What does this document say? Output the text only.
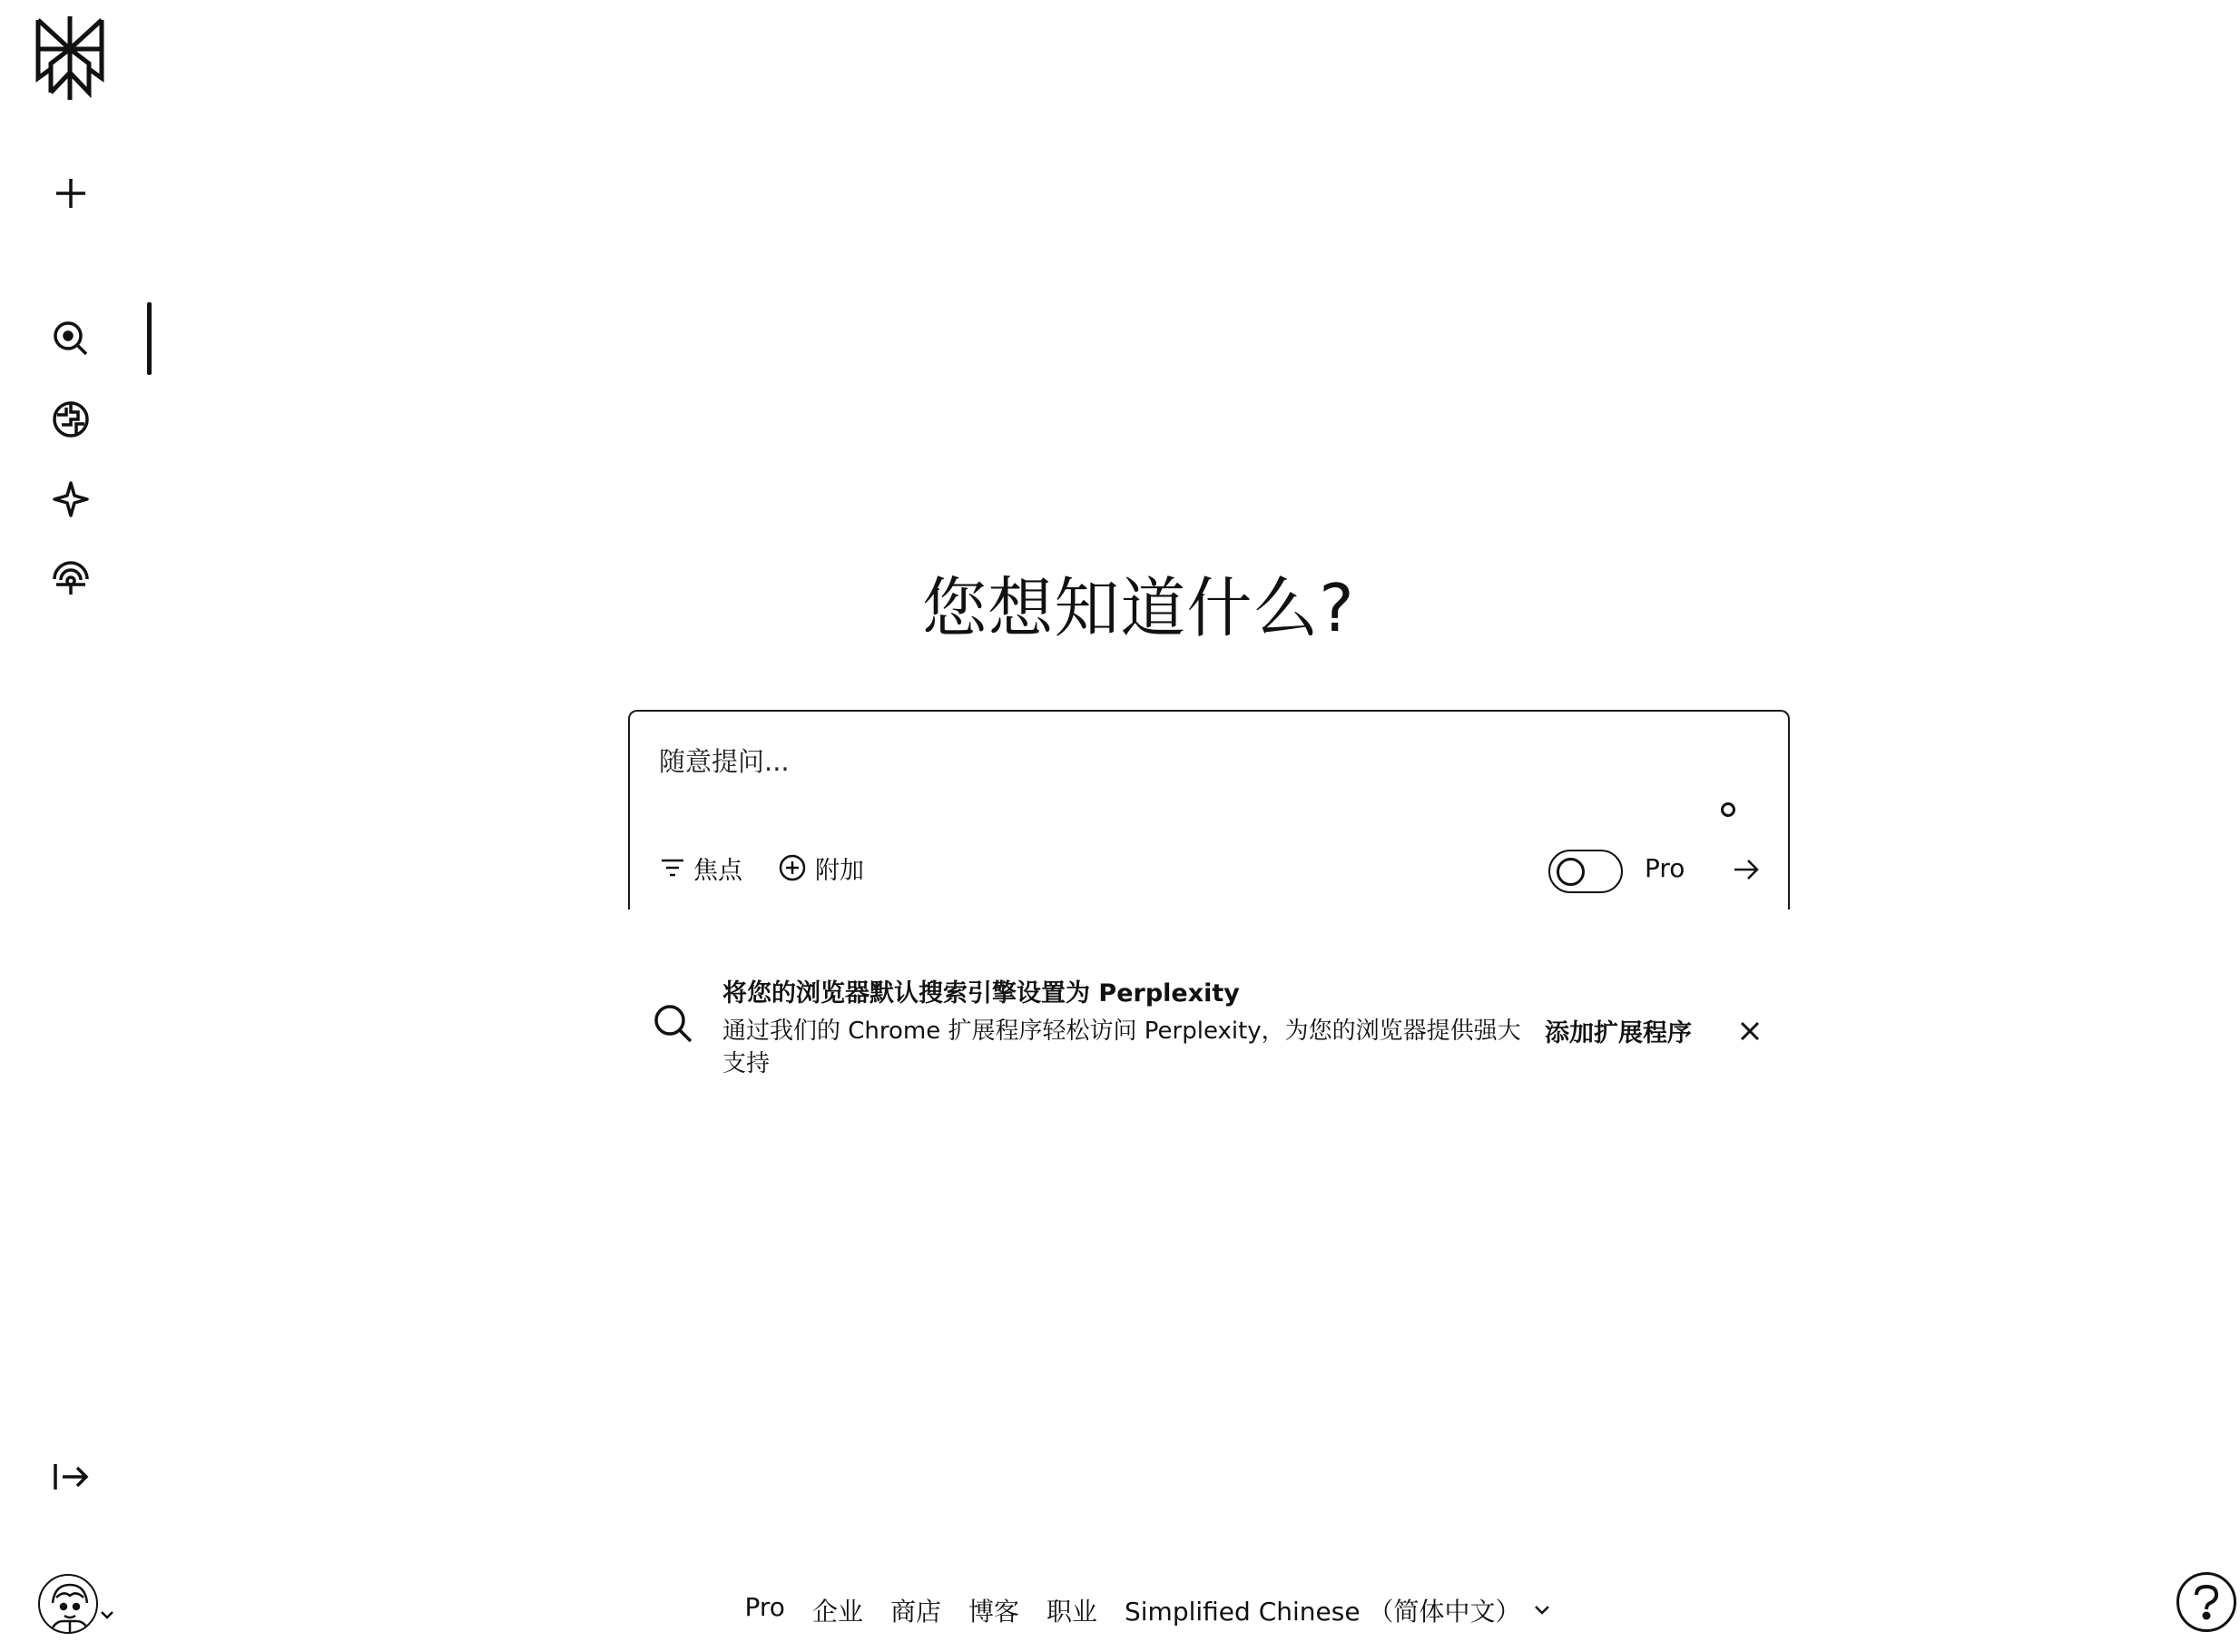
您想知道什么?
随意提问...
焦点	附加	Pro
将您的浏览器默认搜索引擎设置为 Perplexity
通过我们的 Chrome 扩展程序轻松访问 Perplexity，为您的浏览器提供强大支持
添加扩展程序
Pro 企业 商店 博客 职业 Simplified Chinese （简体中文）
